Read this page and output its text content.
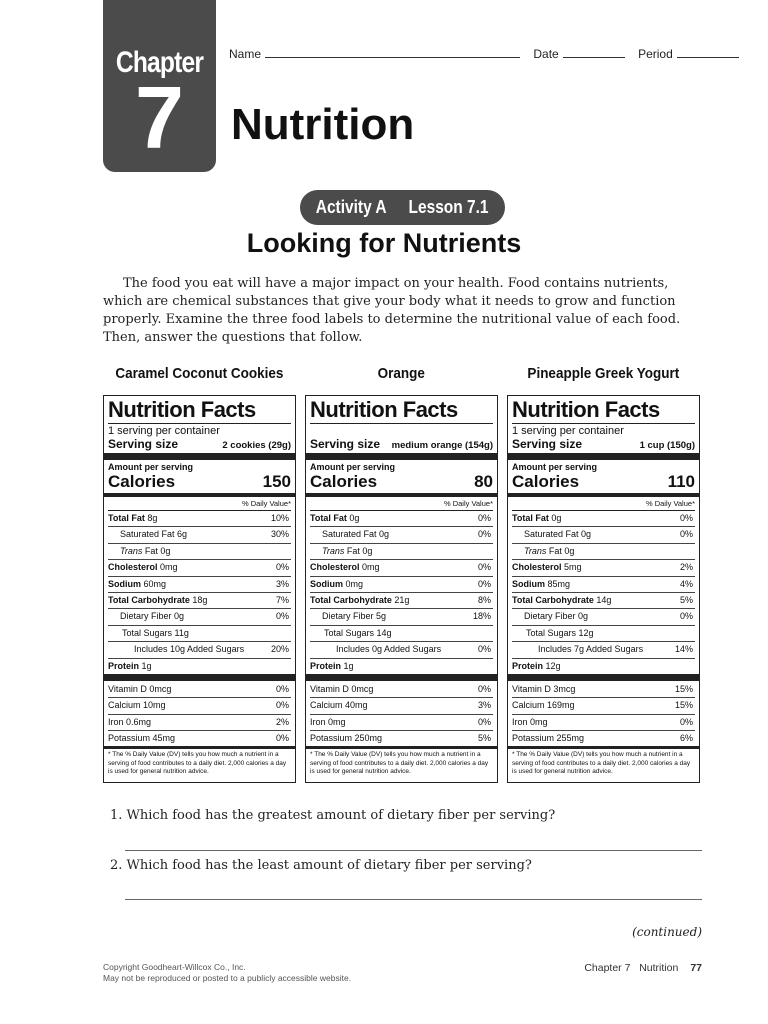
Chapter
7
Name	Date	Period
Nutrition
Activity A Lesson 7.1
Looking for Nutrients
The food you eat will have a major impact on your health. Food contains nutrients, which are chemical substances that give your body what it needs to grow and function properly. Examine the three food labels to determine the nutritional value of each food. Then, answer the questions that follow.
Caramel Coconut Cookies
Nutrition Facts
1 serving per container
Serving size	2 cookies (29g)
Amount per serving
Calories	150
% Daily Value*
Total Fat 8g	10%
Saturated Fat 6g	30%
Trans Fat 0g
Cholesterol 0mg	0%
Sodium 60mg	3%
Total Carbohydrate 18g	7%
Dietary Fiber 0g	0%
Total Sugars 11g
Includes 10g Added Sugars	20%
Protein 1g
Vitamin D 0mcg	0%
Calcium 10mg	0%
Iron 0.6mg	2%
Potassium 45mg	0%
* The % Daily Value (DV) tells you how much a nutrient in a serving of food contributes to a daily diet. 2,000 calories a day is used for general nutrition advice.
Orange
Nutrition Facts
Serving size medium orange (154g)
Amount per serving
Calories	80
% Daily Value*
Total Fat 0g	0%
Saturated Fat 0g	0%
Trans Fat 0g
Cholesterol 0mg	0%
Sodium 0mg	0%
Total Carbohydrate 21g	8%
Dietary Fiber 5g	18%
Total Sugars 14g
Includes 0g Added Sugars	0%
Protein 1g
Vitamin D 0mcg	0%
Calcium 40mg	3%
Iron 0mg	0%
Potassium 250mg	5%
* The % Daily Value (DV) tells you how much a nutrient in a serving of food contributes to a daily diet. 2,000 calories a day is used for general nutrition advice.
Pineapple Greek Yogurt
Nutrition Facts
1 serving per container
Serving size	1 cup (150g)
Amount per serving
Calories	110
% Daily Value*
Total Fat 0g	0%
Saturated Fat 0g	0%
Trans Fat 0g
Cholesterol 5mg	2%
Sodium 85mg	4%
Total Carbohydrate 14g	5%
Dietary Fiber 0g	0%
Total Sugars 12g
Includes 7g Added Sugars	14%
Protein 12g
Vitamin D 3mcg	15%
Calcium 169mg	15%
Iron 0mg	0%
Potassium 255mg	6%
* The % Daily Value (DV) tells you how much a nutrient in a serving of food contributes to a daily diet. 2,000 calories a day is used for general nutrition advice.
1. Which food has the greatest amount of dietary fiber per serving?
2. Which food has the least amount of dietary fiber per serving?
(continued)
Copyright Goodheart-Willcox Co., Inc.
May not be reproduced or posted to a publicly accessible website.
Chapter 7 Nutrition 77
